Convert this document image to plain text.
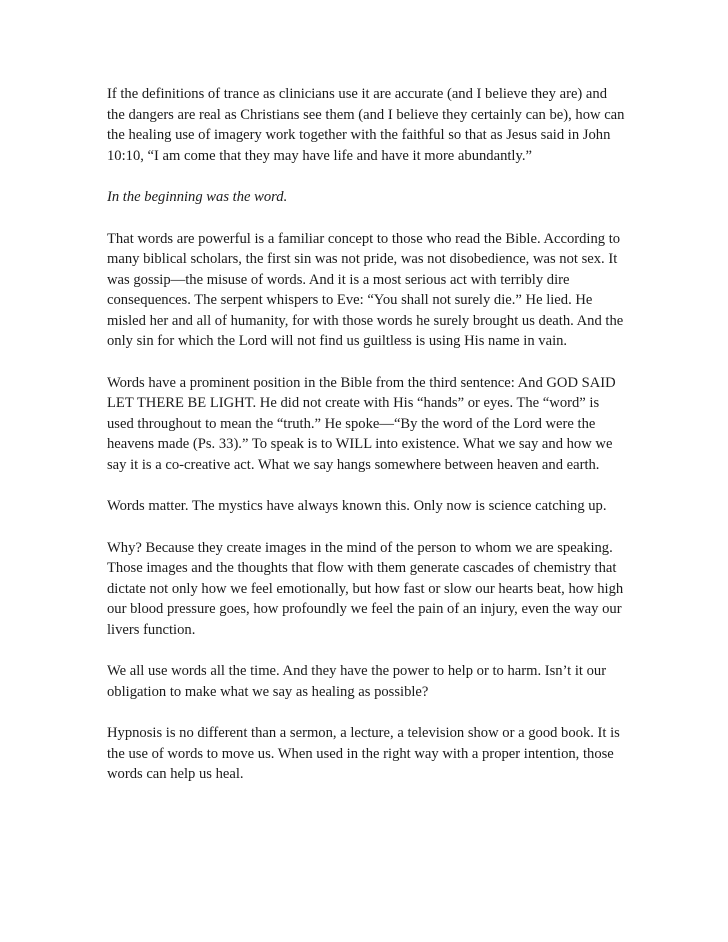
If the definitions of trance as clinicians use it are accurate (and I believe they are) and the dangers are real as Christians see them (and I believe they certainly can be), how can the healing use of imagery work together with the faithful so that as Jesus said in John 10:10, “I am come that they may have life and have it more abundantly.”

In the beginning was the word.

That words are powerful is a familiar concept to those who read the Bible. According to many biblical scholars, the first sin was not pride, was not disobedience, was not sex. It was gossip—the misuse of words. And it is a most serious act with terribly dire consequences. The serpent whispers to Eve: “You shall not surely die.” He lied. He misled her and all of humanity, for with those words he surely brought us death. And the only sin for which the Lord will not find us guiltless is using His name in vain.

Words have a prominent position in the Bible from the third sentence: And GOD SAID LET THERE BE LIGHT. He did not create with His “hands” or eyes. The “word” is used throughout to mean the “truth.” He spoke—“By the word of the Lord were the heavens made (Ps. 33).” To speak is to WILL into existence. What we say and how we say it is a co-creative act. What we say hangs somewhere between heaven and earth.

Words matter. The mystics have always known this. Only now is science catching up.

Why? Because they create images in the mind of the person to whom we are speaking. Those images and the thoughts that flow with them generate cascades of chemistry that dictate not only how we feel emotionally, but how fast or slow our hearts beat, how high our blood pressure goes, how profoundly we feel the pain of an injury, even the way our livers function.

We all use words all the time. And they have the power to help or to harm. Isn’t it our obligation to make what we say as healing as possible?

Hypnosis is no different than a sermon, a lecture, a television show or a good book. It is the use of words to move us. When used in the right way with a proper intention, those words can help us heal.
